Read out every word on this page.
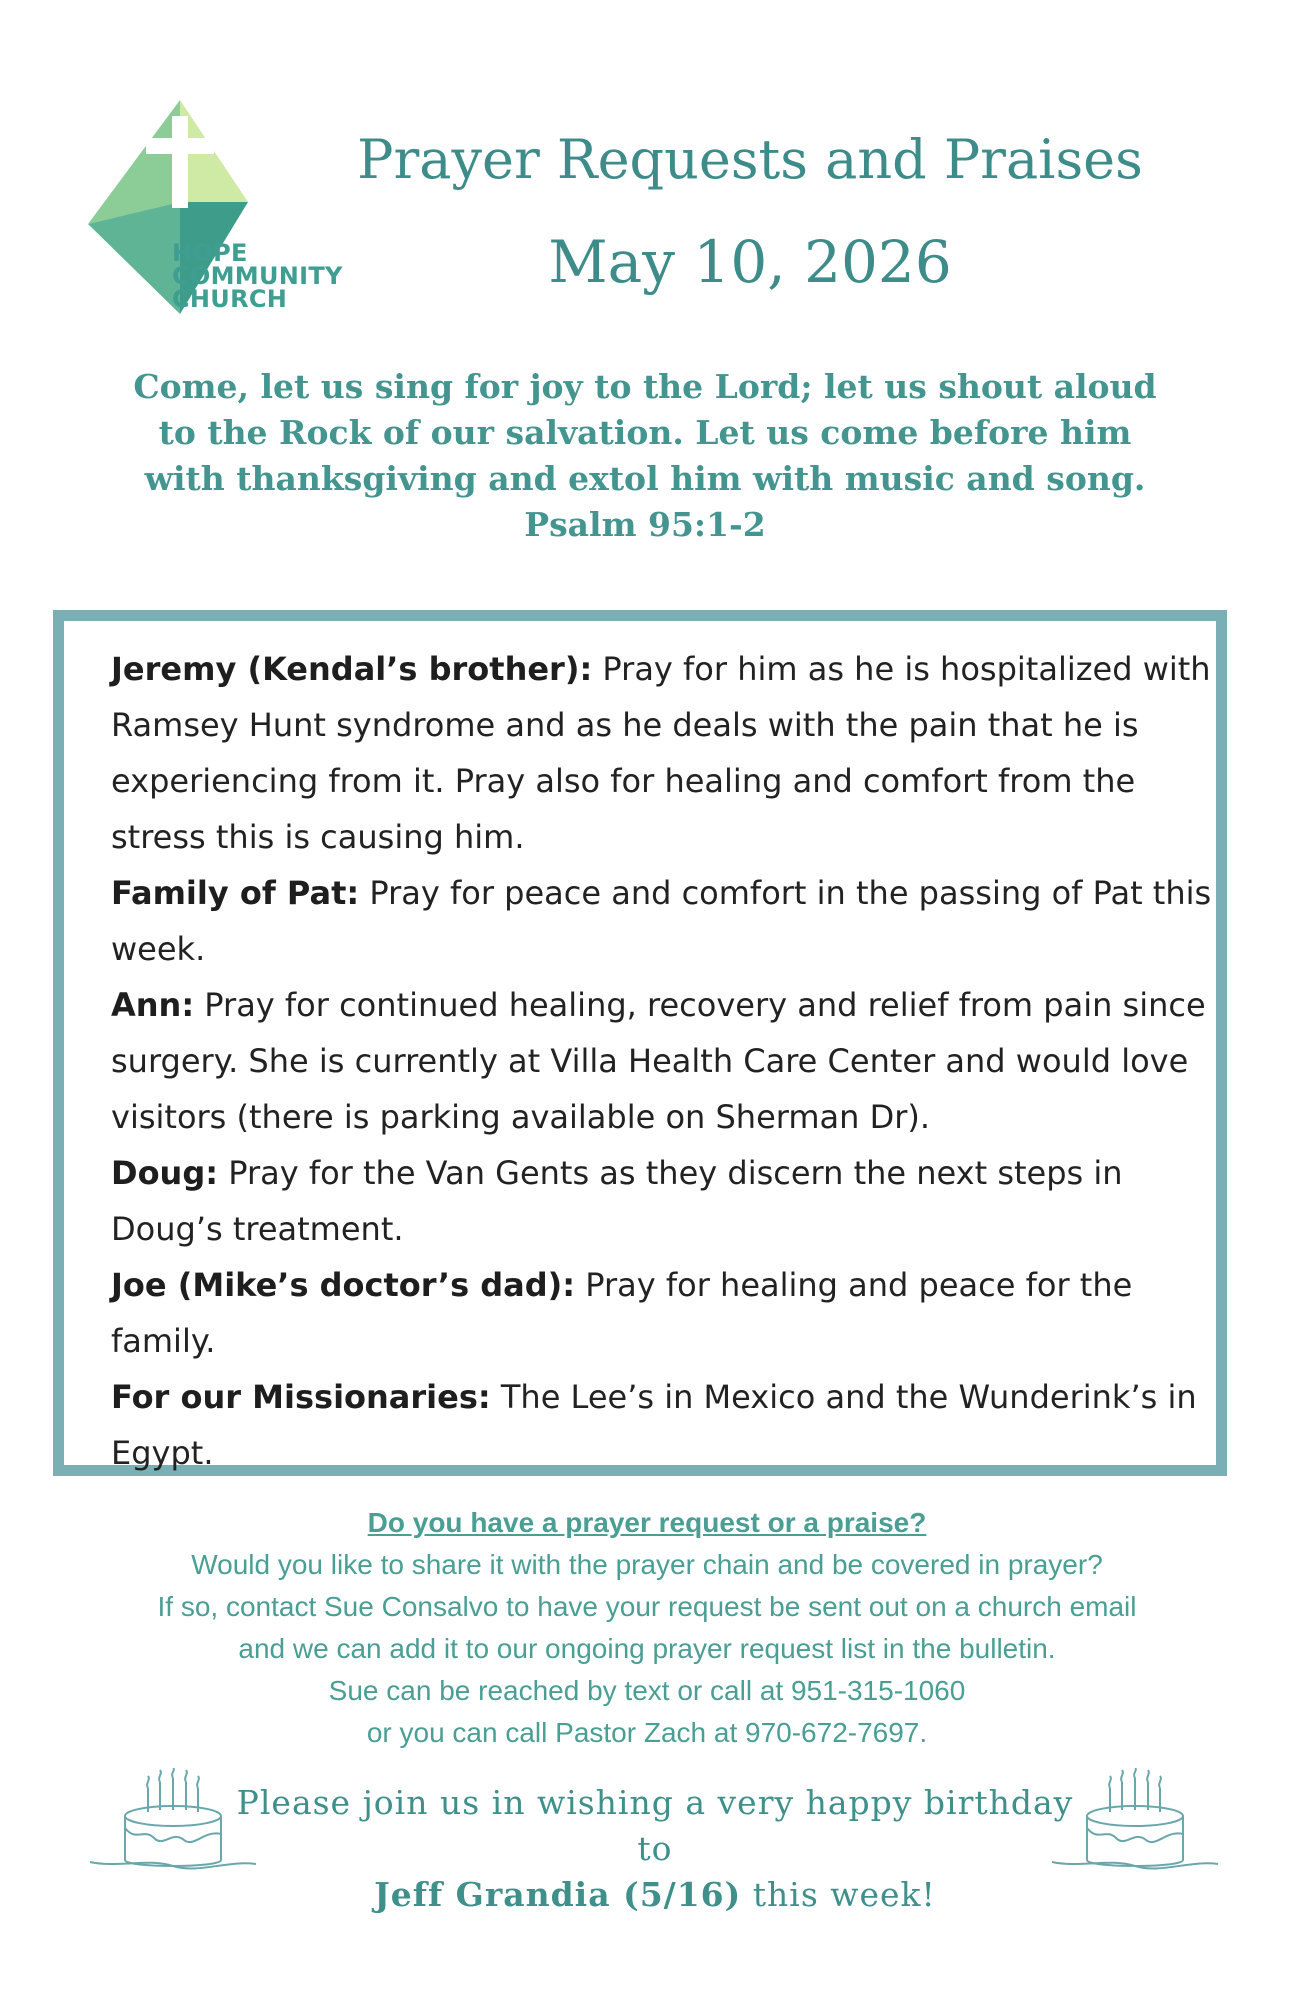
HOPE
COMMUNITY
CHURCH
Prayer Requests and Praises
May 10, 2026
Come, let us sing for joy to the Lord; let us shout aloud
to the Rock of our salvation. Let us come before him
with thanksgiving and extol him with music and song.
Psalm 95:1-2

Jeremy (Kendal’s brother): Pray for him as he is hospitalized with Ramsey Hunt syndrome and as he deals with the pain that he is experiencing from it. Pray also for healing and comfort from the stress this is causing him.

Family of Pat: Pray for peace and comfort in the passing of Pat this week.

Ann: Pray for continued healing, recovery and relief from pain since surgery. She is currently at Villa Health Care Center and would love visitors (there is parking available on Sherman Dr).

Doug: Pray for the Van Gents as they discern the next steps in Doug’s treatment.

Joe (Mike’s doctor’s dad): Pray for healing and peace for the family.

For our Missionaries: The Lee’s in Mexico and the Wunderink’s in Egypt.

Do you have a prayer request or a praise?
Would you like to share it with the prayer chain and be covered in prayer?
If so, contact Sue Consalvo to have your request be sent out on a church email
and we can add it to our ongoing prayer request list in the bulletin.
Sue can be reached by text or call at 951-315-1060
or you can call Pastor Zach at 970-672-7697.
Please join us in wishing a very happy birthday to
Jeff Grandia (5/16) this week!
